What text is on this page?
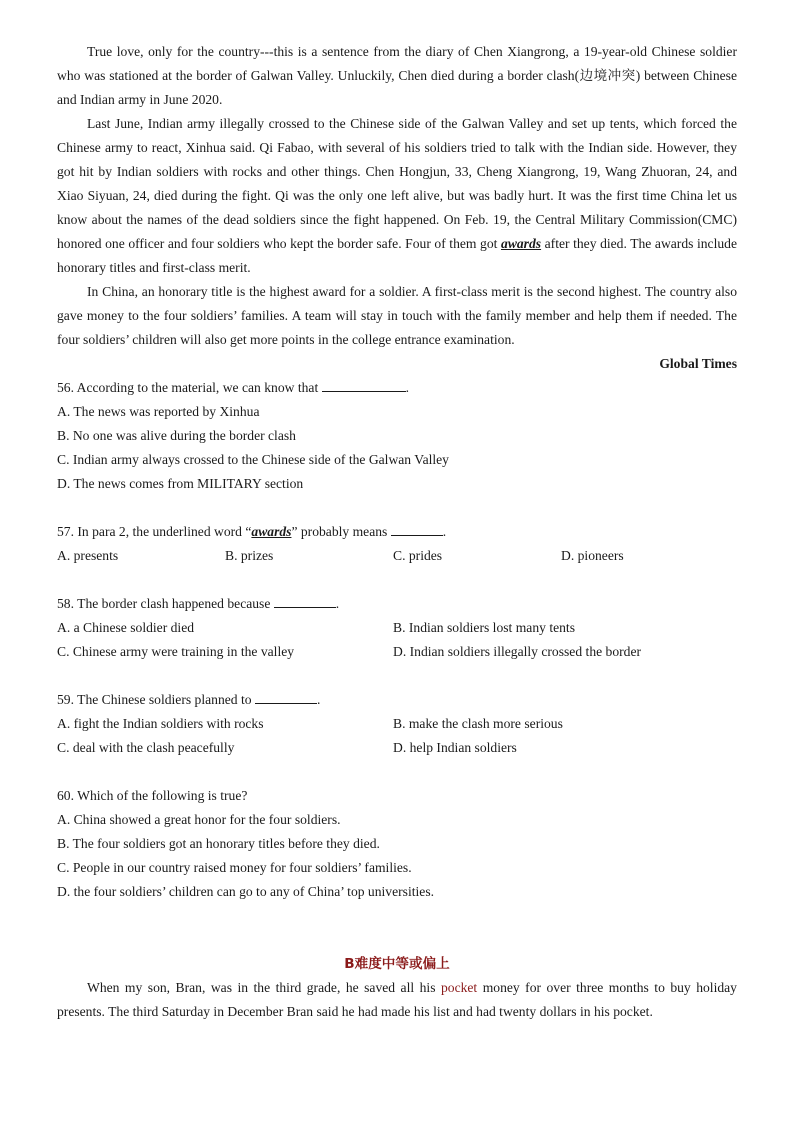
True love, only for the country---this is a sentence from the diary of Chen Xiangrong, a 19-year-old Chinese soldier who was stationed at the border of Galwan Valley. Unluckily, Chen died during a border clash(边境冲突) between Chinese and Indian army in June 2020.

Last June, Indian army illegally crossed to the Chinese side of the Galwan Valley and set up tents, which forced the Chinese army to react, Xinhua said. Qi Fabao, with several of his soldiers tried to talk with the Indian side. However, they got hit by Indian soldiers with rocks and other things. Chen Hongjun, 33, Cheng Xiangrong, 19, Wang Zhuoran, 24, and Xiao Siyuan, 24, died during the fight. Qi was the only one left alive, but was badly hurt. It was the first time China let us know about the names of the dead soldiers since the fight happened. On Feb. 19, the Central Military Commission(CMC) honored one officer and four soldiers who kept the border safe. Four of them got awards after they died. The awards include honorary titles and first-class merit.

In China, an honorary title is the highest award for a soldier. A first-class merit is the second highest. The country also gave money to the four soldiers’ families. A team will stay in touch with the family member and help them if needed. The four soldiers’ children will also get more points in the college entrance examination.

Global Times

56. According to the material, we can know that	.

A. The news was reported by Xinhua

B. No one was alive during the border clash

C. Indian army always crossed to the Chinese side of the Galwan Valley

D. The news comes from MILITARY section

57. In para 2, the underlined word “awards” probably means	.

A. presents	B. prizes	C. prides	D. pioneers

58. The border clash happened because	.

A. a Chinese soldier died	B. Indian soldiers lost many tents
C. Chinese army were training in the valley	D. Indian soldiers illegally crossed the border

59. The Chinese soldiers planned to	.

A. fight the Indian soldiers with rocks	B. make the clash more serious
C. deal with the clash peacefully	D. help Indian soldiers

60. Which of the following is true?

A. China showed a great honor for the four soldiers.

B. The four soldiers got an honorary titles before they died.

C. People in our country raised money for four soldiers’ families.

D. the four soldiers’ children can go to any of China’ top universities.

B难度中等或偏上

When my son, Bran, was in the third grade, he saved all his pocket money for over three months to buy holiday presents. The third Saturday in December Bran said he had made his list and had twenty dollars in his pocket.
